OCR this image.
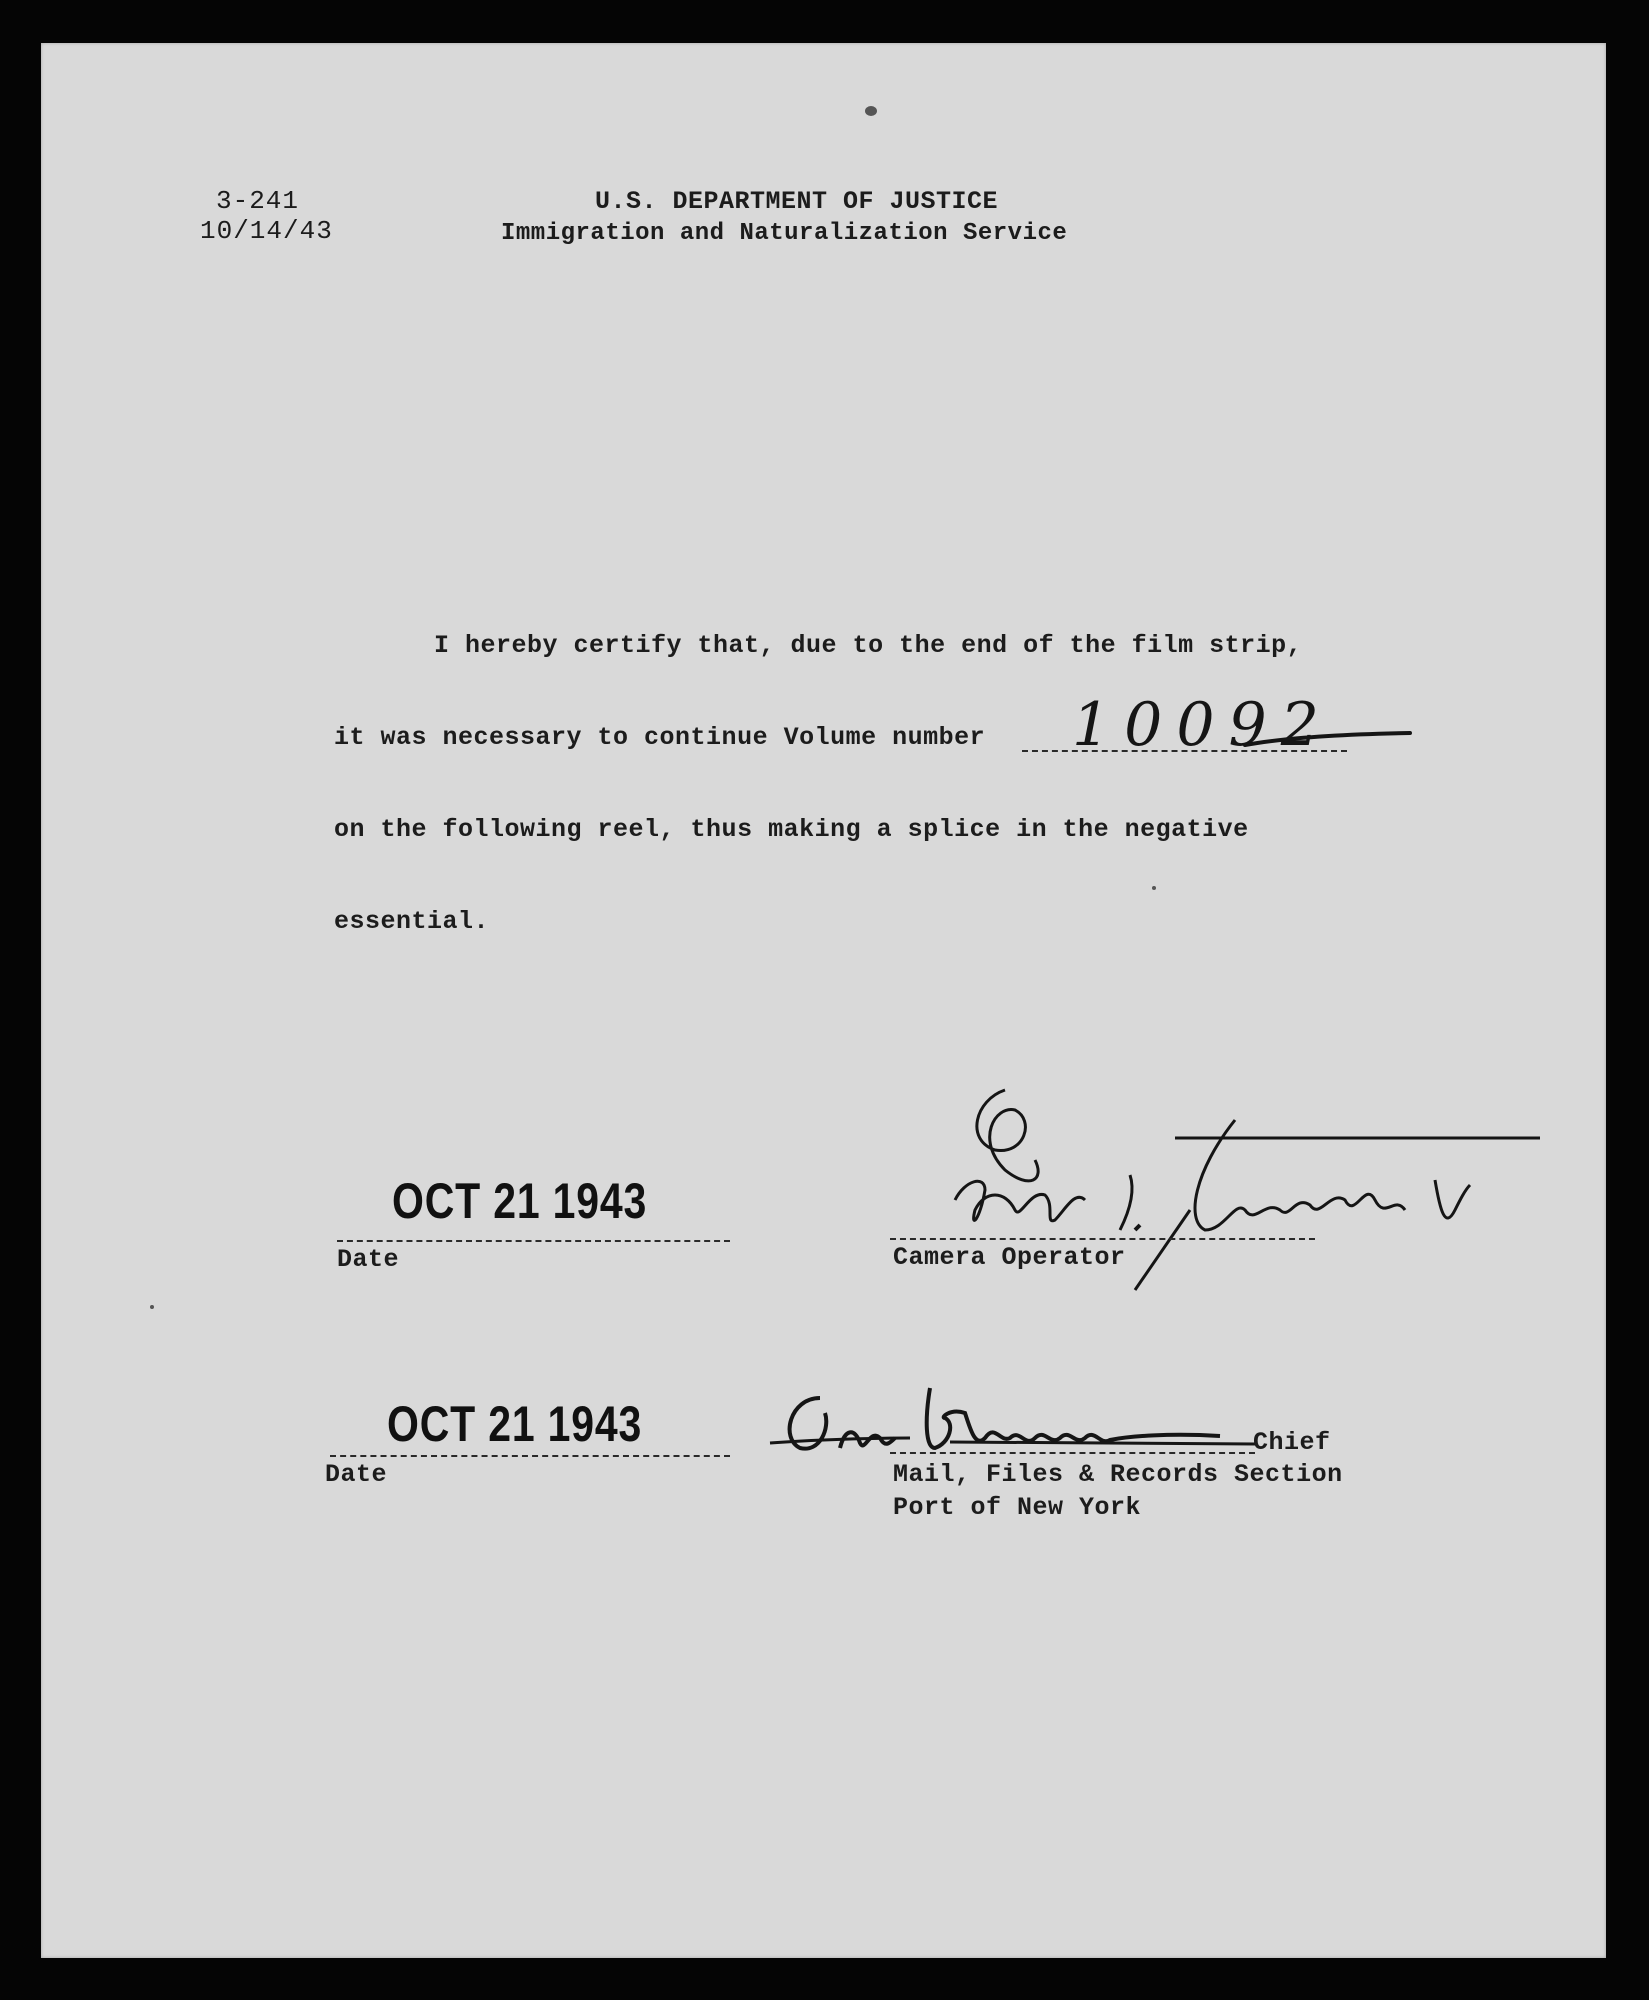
3-241
10/14/43
U.S. DEPARTMENT OF JUSTICE
Immigration and Naturalization Service
I hereby certify that, due to the end of the film strip,
it was necessary to continue Volume number 10092
on the following reel, thus making a splice in the negative
essential.
OCT 21 1943
Date	Camera Operator
OCT 21 1943
Date
Chief
Mail, Files & Records Section
Port of New York
